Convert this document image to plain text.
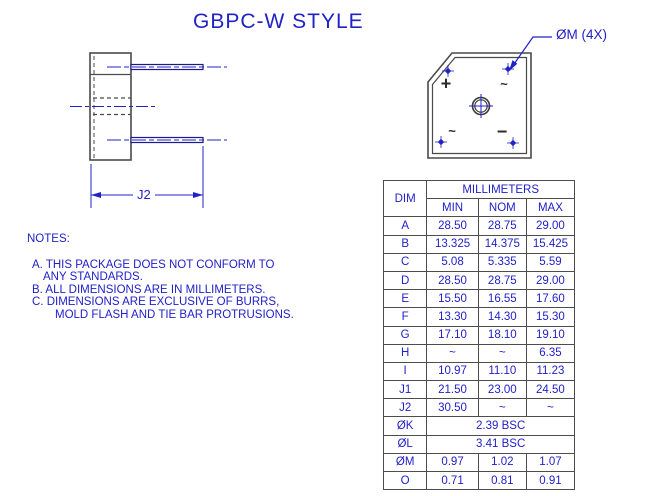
GBPC-W STYLE
J2
ØM (4X)
+	~
~ −
NOTES:
A. THIS PACKAGE DOES NOT CONFORM TO
ANY STANDARDS.
B. ALL DIMENSIONS ARE IN MILLIMETERS.
C. DIMENSIONS ARE EXCLUSIVE OF BURRS,
MOLD FLASH AND TIE BAR PROTRUSIONS.
DIM	MILLIMETERS		
	MIN	NOM	MAX
A	28.50	28.75	29.00
B	13.325	14.375	15.425
C	5.08	5.335	5.59
D	28.50	28.75	29.00
E	15.50	16.55	17.60
F	13.30	14.30	15.30
G	17.10	18.10	19.10
H	~	~	6.35
I	10.97	11.10	11.23
J1	21.50	23.00	24.50
J2	30.50	~	~
ØK	2.39 BSC		
ØL	3.41 BSC		
ØM	0.97	1.02	1.07
O	0.71	0.81	0.91
